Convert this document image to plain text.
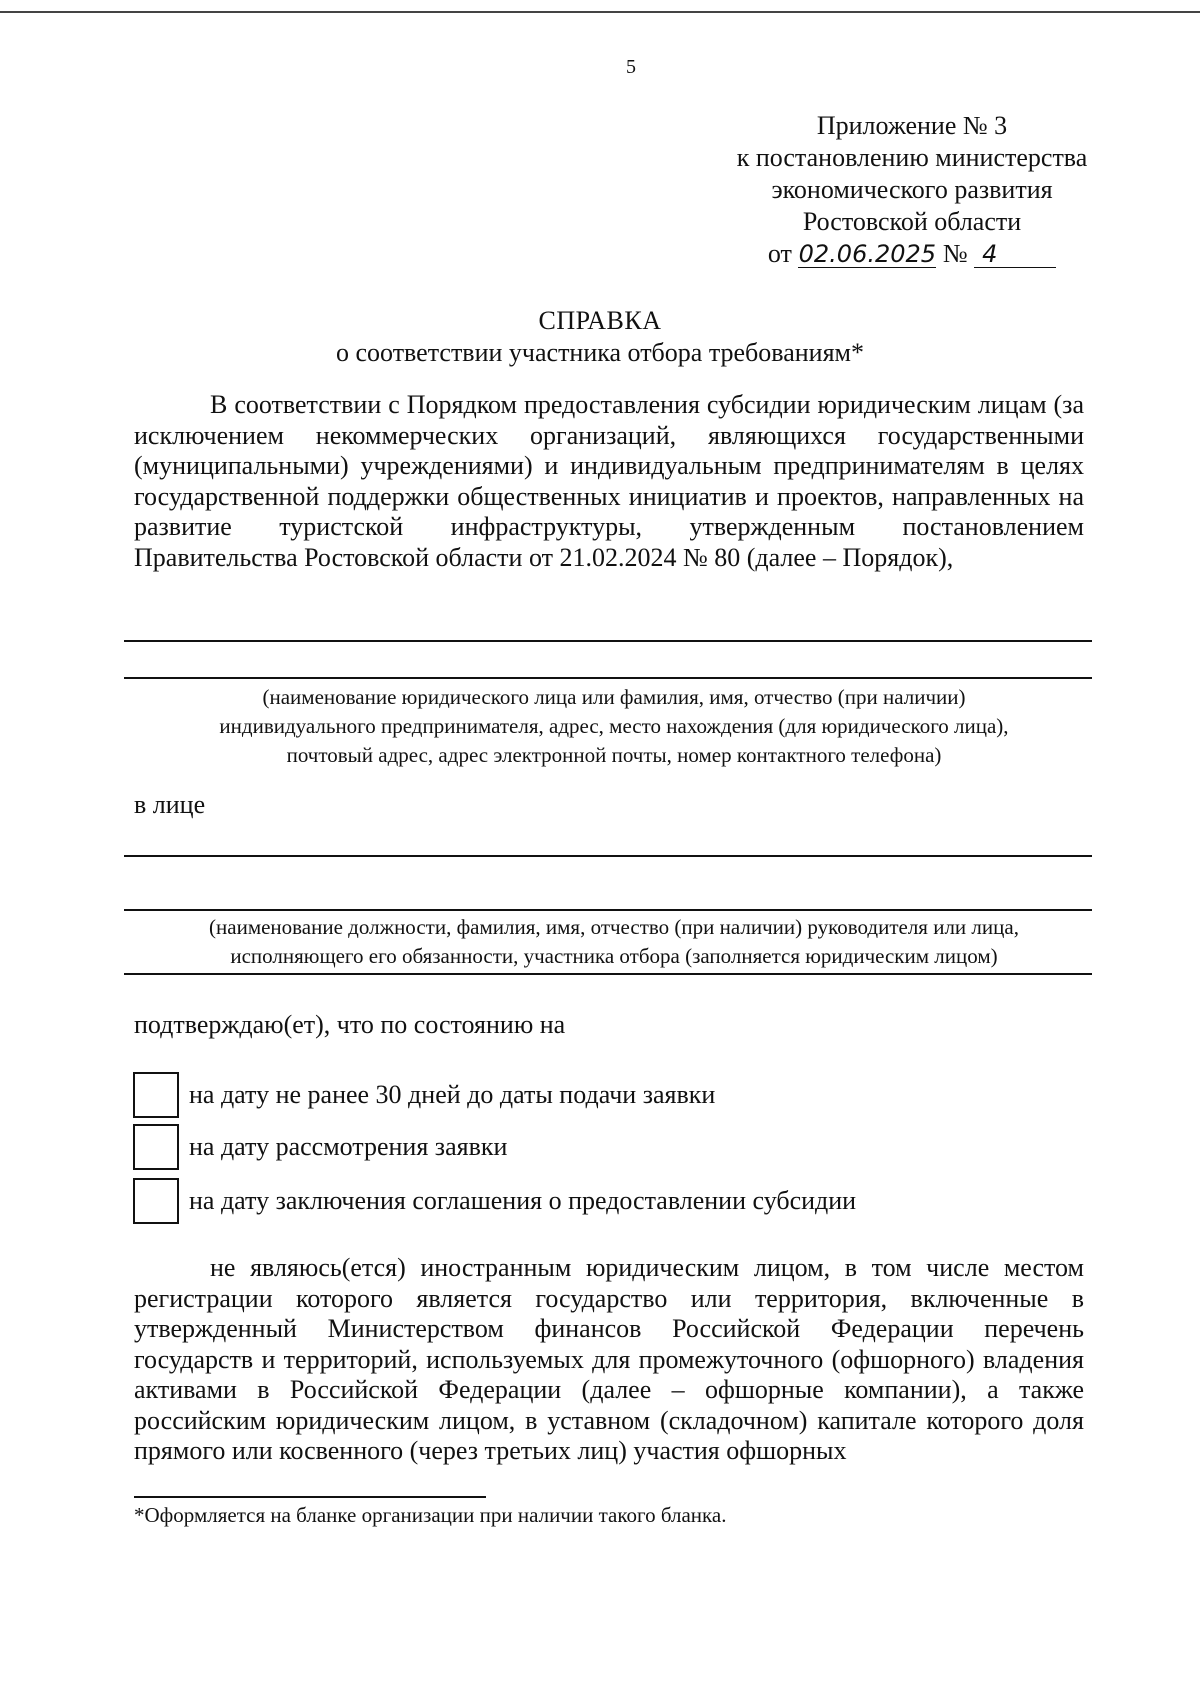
5
Приложение № 3
к постановлению министерства
экономического развития
Ростовской области
от 02.06.2025 № 4
СПРАВКА
о соответствии участника отбора требованиям*

В соответствии с Порядком предоставления субсидии юридическим лицам (за исключением некоммерческих организаций, являющихся государственными (муниципальными) учреждениями) и индивидуальным предпринимателям в целях государственной поддержки общественных инициатив и проектов, направленных на развитие туристской инфраструктуры, утвержденным постановлением Правительства Ростовской области от 21.02.2024 № 80 (далее – Порядок),

(наименование юридического лица или фамилия, имя, отчество (при наличии)
индивидуального предпринимателя, адрес, место нахождения (для юридического лица),
почтовый адрес, адрес электронной почты, номер контактного телефона)
в лице
(наименование должности, фамилия, имя, отчество (при наличии) руководителя или лица,
исполняющего его обязанности, участника отбора (заполняется юридическим лицом)
подтверждаю(ет), что по состоянию на
на дату не ранее 30 дней до даты подачи заявки
на дату рассмотрения заявки
на дату заключения соглашения о предоставлении субсидии

не являюсь(ется) иностранным юридическим лицом, в том числе местом регистрации которого является государство или территория, включенные в утвержденный Министерством финансов Российской Федерации перечень государств и территорий, используемых для промежуточного (офшорного) владения активами в Российской Федерации (далее – офшорные компании), а также российским юридическим лицом, в уставном (складочном) капитале которого доля прямого или косвенного (через третьих лиц) участия офшорных

*Оформляется на бланке организации при наличии такого бланка.
